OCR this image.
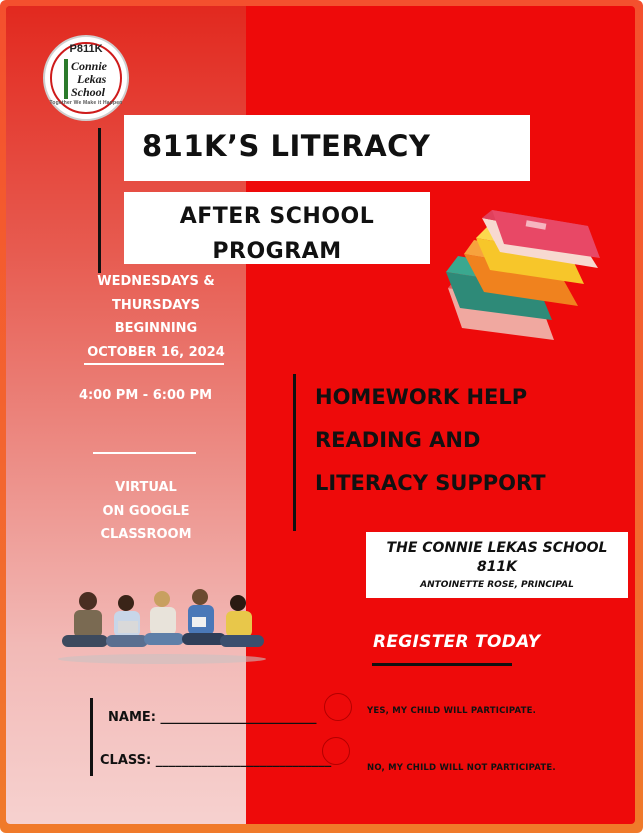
P811K
Connie
Lekas
School
Together We Make it Happen
811K’S LITERACY
AFTER SCHOOL
PROGRAM
WEDNESDAYS &
THURSDAYS
BEGINNING
OCTOBER 16, 2024
4:00 PM - 6:00 PM
VIRTUAL
ON GOOGLE
CLASSROOM
HOMEWORK HELP
READING AND
LITERACY SUPPORT
THE CONNIE LEKAS SCHOOL
811K
ANTOINETTE ROSE, PRINCIPAL
REGISTER TODAY
NAME: ________________________
CLASS: ___________________________
YES, MY CHILD WILL PARTICIPATE.
NO, MY CHILD WILL NOT PARTICIPATE.
